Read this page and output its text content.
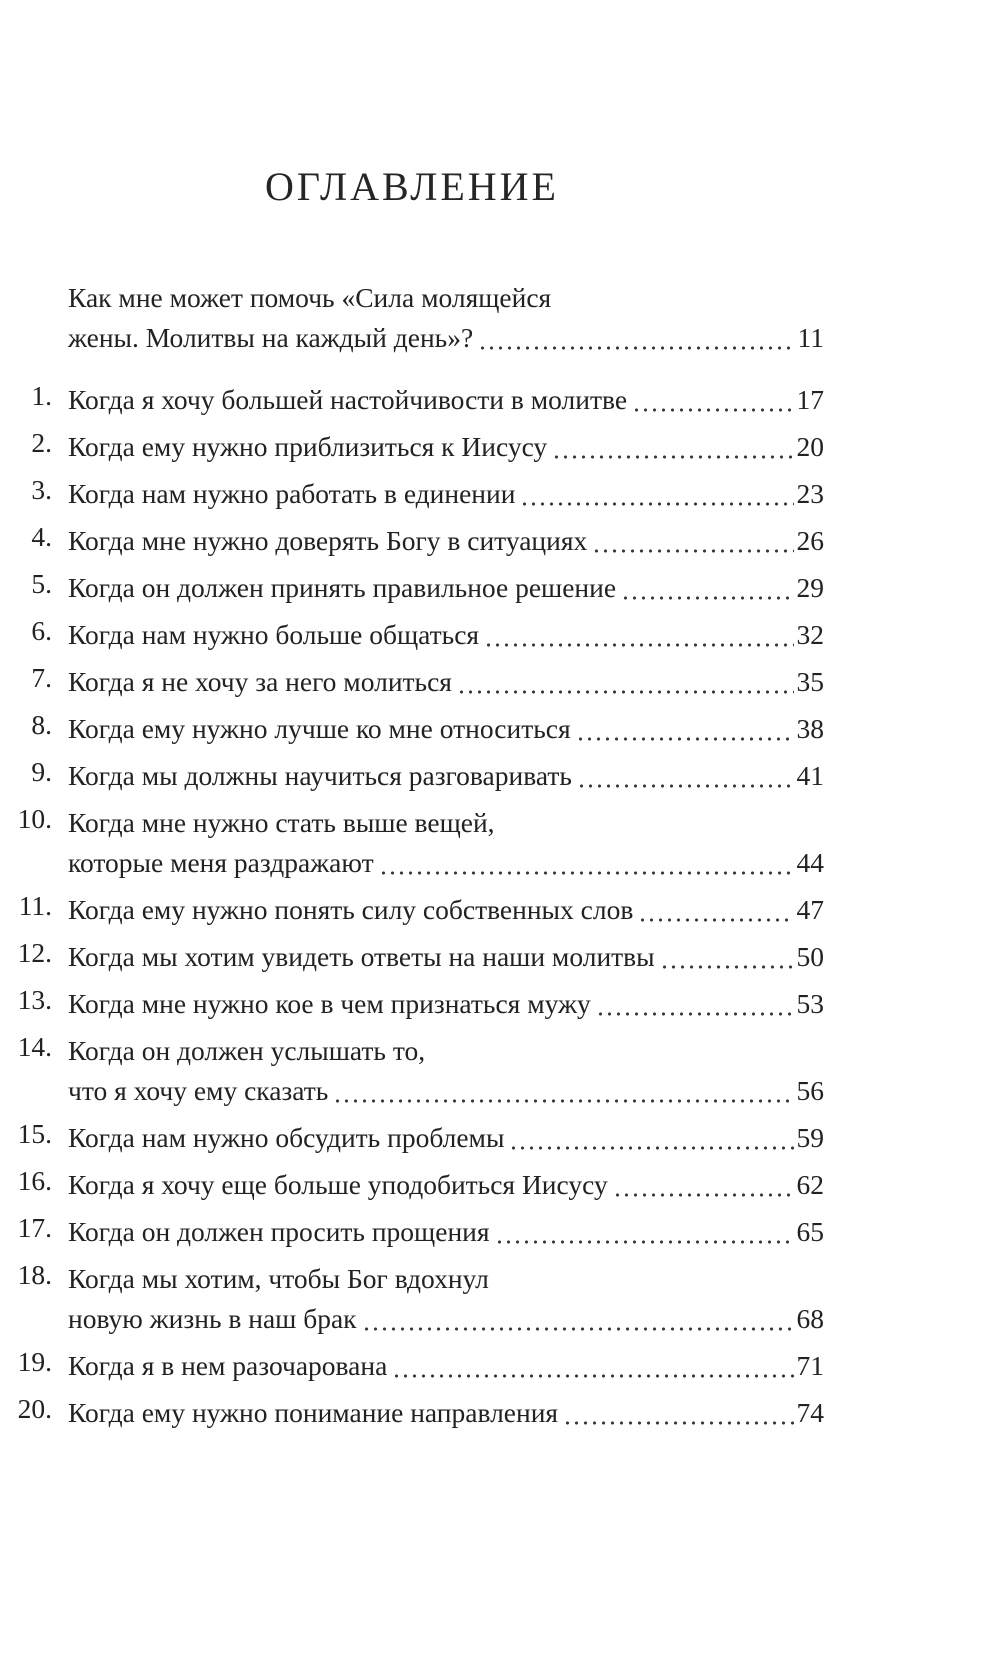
ОГЛАВЛЕНИЕ
Как мне может помочь «Сила молящейся
жены. Молитвы на каждый день»?	11
1. Когда я хочу большей настойчивости в молитве	17
2. Когда ему нужно приблизиться к Иисусу	20
3. Когда нам нужно работать в единении	23
4. Когда мне нужно доверять Богу в ситуациях	26
5. Когда он должен принять правильное решение	29
6. Когда нам нужно больше общаться	32
7. Когда я не хочу за него молиться	35
8. Когда ему нужно лучше ко мне относиться	38
9. Когда мы должны научиться разговаривать	41
10. Когда мне нужно стать выше вещей,
которые меня раздражают	44
11. Когда ему нужно понять силу собственных слов	47
12. Когда мы хотим увидеть ответы на наши молитвы	50
13. Когда мне нужно кое в чем признаться мужу	53
14. Когда он должен услышать то,
что я хочу ему сказать	56
15. Когда нам нужно обсудить проблемы	59
16. Когда я хочу еще больше уподобиться Иисусу	62
17. Когда он должен просить прощения	65
18. Когда мы хотим, чтобы Бог вдохнул
новую жизнь в наш брак	68
19. Когда я в нем разочарована	71
20. Когда ему нужно понимание направления	74
